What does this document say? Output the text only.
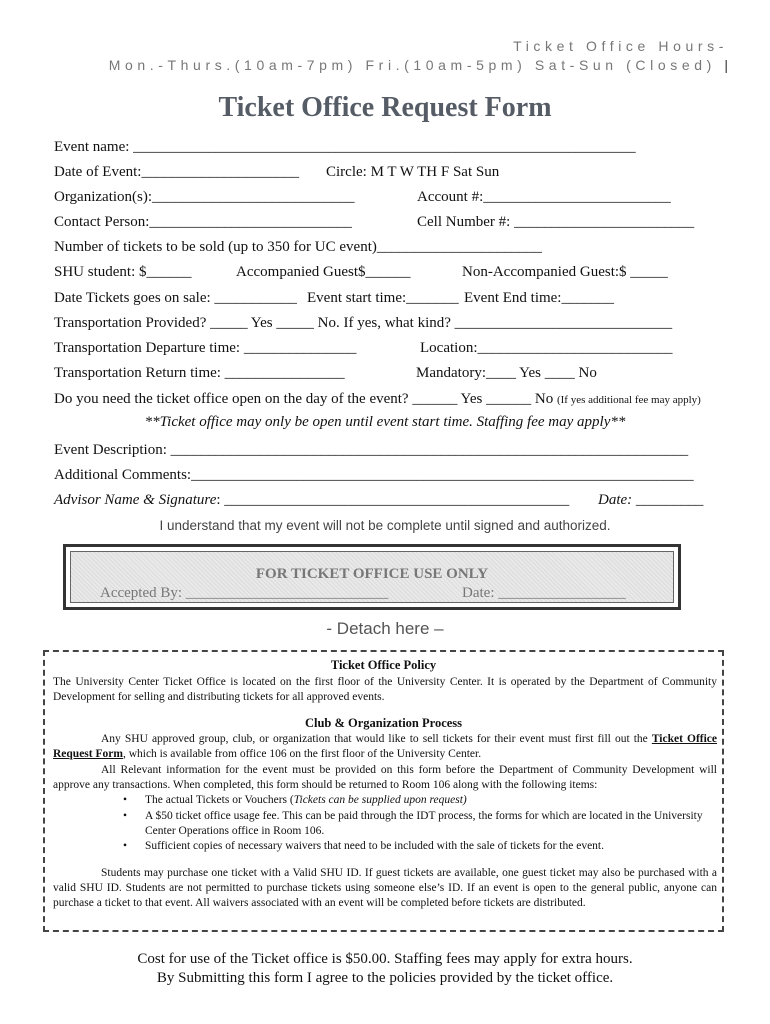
Ticket Office Hours-
Mon.-Thurs.(10am-7pm) Fri.(10am-5pm) Sat-Sun (Closed) |
Ticket Office Request Form
Event name: ___________________________________________________________________
Date of Event:_____________________ Circle: M T W TH F Sat Sun
Organization(s):___________________________	Account #:_________________________
Contact Person:___________________________	Cell Number #: ________________________
Number of tickets to be sold (up to 350 for UC event)______________________
SHU student: $______	Accompanied Guest$______	Non-Accompanied Guest:$ _____
Date Tickets goes on sale: ___________ Event start time:_______ Event End time:_______
Transportation Provided? _____ Yes _____ No. If yes, what kind? _____________________________
Transportation Departure time: _______________	Location:__________________________
Transportation Return time: ________________	Mandatory:____ Yes ____ No
Do you need the ticket office open on the day of the event? ______ Yes ______ No (If yes additional fee may apply)
**Ticket office may only be open until event start time. Staffing fee may apply**
Event Description: _____________________________________________________________________
Additional Comments:___________________________________________________________________
Advisor Name & Signature: ______________________________________________ Date: _________
I understand that my event will not be complete until signed and authorized.
FOR TICKET OFFICE USE ONLY
Accepted By: ___________________________	Date: _________________
- Detach here –
Ticket Office Policy
The University Center Ticket Office is located on the first floor of the University Center. It is operated by the Department of Community Development for selling and distributing tickets for all approved events.
Club & Organization Process
Any SHU approved group, club, or organization that would like to sell tickets for their event must first fill out the Ticket Office Request Form, which is available from office 106 on the first floor of the University Center.
All Relevant information for the event must be provided on this form before the Department of Community Development will approve any transactions. When completed, this form should be returned to Room 106 along with the following items:
• The actual Tickets or Vouchers (Tickets can be supplied upon request)
• A $50 ticket office usage fee. This can be paid through the IDT process, the forms for which are located in the University Center Operations office in Room 106.
• Sufficient copies of necessary waivers that need to be included with the sale of tickets for the event.
Students may purchase one ticket with a Valid SHU ID. If guest tickets are available, one guest ticket may also be purchased with a valid SHU ID. Students are not permitted to purchase tickets using someone else’s ID. If an event is open to the general public, anyone can purchase a ticket to that event. All waivers associated with an event will be completed before tickets are distributed.
Cost for use of the Ticket office is $50.00. Staffing fees may apply for extra hours.
By Submitting this form I agree to the policies provided by the ticket office.
